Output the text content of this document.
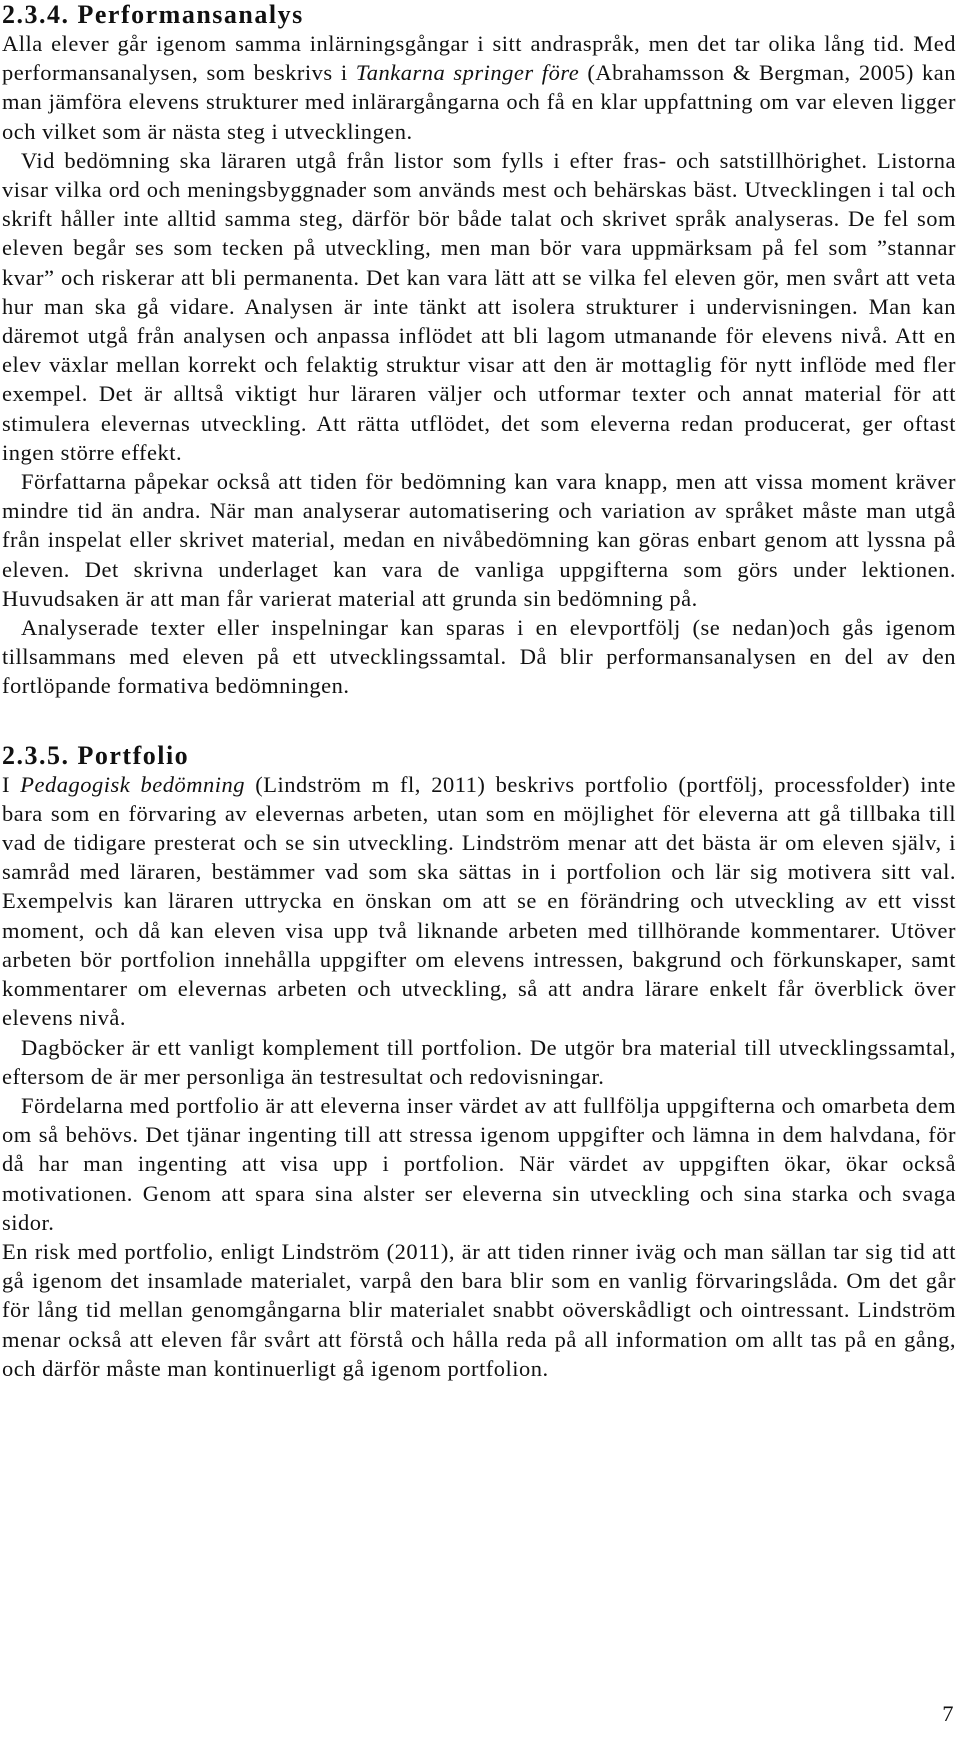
2.3.4. Performansanalys

Alla elever går igenom samma inlärningsgångar i sitt andraspråk, men det tar olika lång tid. Med performansanalysen, som beskrivs i Tankarna springer före (Abrahamsson & Bergman, 2005) kan man jämföra elevens strukturer med inlärargångarna och få en klar uppfattning om var eleven ligger och vilket som är nästa steg i utvecklingen.

Vid bedömning ska läraren utgå från listor som fylls i efter fras- och satstillhörighet. Listorna visar vilka ord och meningsbyggnader som används mest och behärskas bäst. Utvecklingen i tal och skrift håller inte alltid samma steg, därför bör både talat och skrivet språk analyseras. De fel som eleven begår ses som tecken på utveckling, men man bör vara uppmärksam på fel som ”stannar kvar” och riskerar att bli permanenta. Det kan vara lätt att se vilka fel eleven gör, men svårt att veta hur man ska gå vidare. Analysen är inte tänkt att isolera strukturer i undervisningen. Man kan däremot utgå från analysen och anpassa inflödet att bli lagom utmanande för elevens nivå. Att en elev växlar mellan korrekt och felaktig struktur visar att den är mottaglig för nytt inflöde med fler exempel. Det är alltså viktigt hur läraren väljer och utformar texter och annat material för att stimulera elevernas utveckling. Att rätta utflödet, det som eleverna redan producerat, ger oftast ingen större effekt.

Författarna påpekar också att tiden för bedömning kan vara knapp, men att vissa moment kräver mindre tid än andra. När man analyserar automatisering och variation av språket måste man utgå från inspelat eller skrivet material, medan en nivåbedömning kan göras enbart genom att lyssna på eleven. Det skrivna underlaget kan vara de vanliga uppgifterna som görs under lektionen. Huvudsaken är att man får varierat material att grunda sin bedömning på.

Analyserade texter eller inspelningar kan sparas i en elevportfölj (se nedan)och gås igenom tillsammans med eleven på ett utvecklingssamtal. Då blir performansanalysen en del av den fortlöpande formativa bedömningen.

2.3.5. Portfolio

I Pedagogisk bedömning (Lindström m fl, 2011) beskrivs portfolio (portfölj, processfolder) inte bara som en förvaring av elevernas arbeten, utan som en möjlighet för eleverna att gå tillbaka till vad de tidigare presterat och se sin utveckling. Lindström menar att det bästa är om eleven själv, i samråd med läraren, bestämmer vad som ska sättas in i portfolion och lär sig motivera sitt val. Exempelvis kan läraren uttrycka en önskan om att se en förändring och utveckling av ett visst moment, och då kan eleven visa upp två liknande arbeten med tillhörande kommentarer. Utöver arbeten bör portfolion innehålla uppgifter om elevens intressen, bakgrund och förkunskaper, samt kommentarer om elevernas arbeten och utveckling, så att andra lärare enkelt får överblick över elevens nivå.

Dagböcker är ett vanligt komplement till portfolion. De utgör bra material till utvecklingssamtal, eftersom de är mer personliga än testresultat och redovisningar.

Fördelarna med portfolio är att eleverna inser värdet av att fullfölja uppgifterna och omarbeta dem om så behövs. Det tjänar ingenting till att stressa igenom uppgifter och lämna in dem halvdana, för då har man ingenting att visa upp i portfolion. När värdet av uppgiften ökar, ökar också motivationen. Genom att spara sina alster ser eleverna sin utveckling och sina starka och svaga sidor.

En risk med portfolio, enligt Lindström (2011), är att tiden rinner iväg och man sällan tar sig tid att gå igenom det insamlade materialet, varpå den bara blir som en vanlig förvaringslåda. Om det går för lång tid mellan genomgångarna blir materialet snabbt oöverskådligt och ointressant. Lindström menar också att eleven får svårt att förstå och hålla reda på all information om allt tas på en gång, och därför måste man kontinuerligt gå igenom portfolion.

7
